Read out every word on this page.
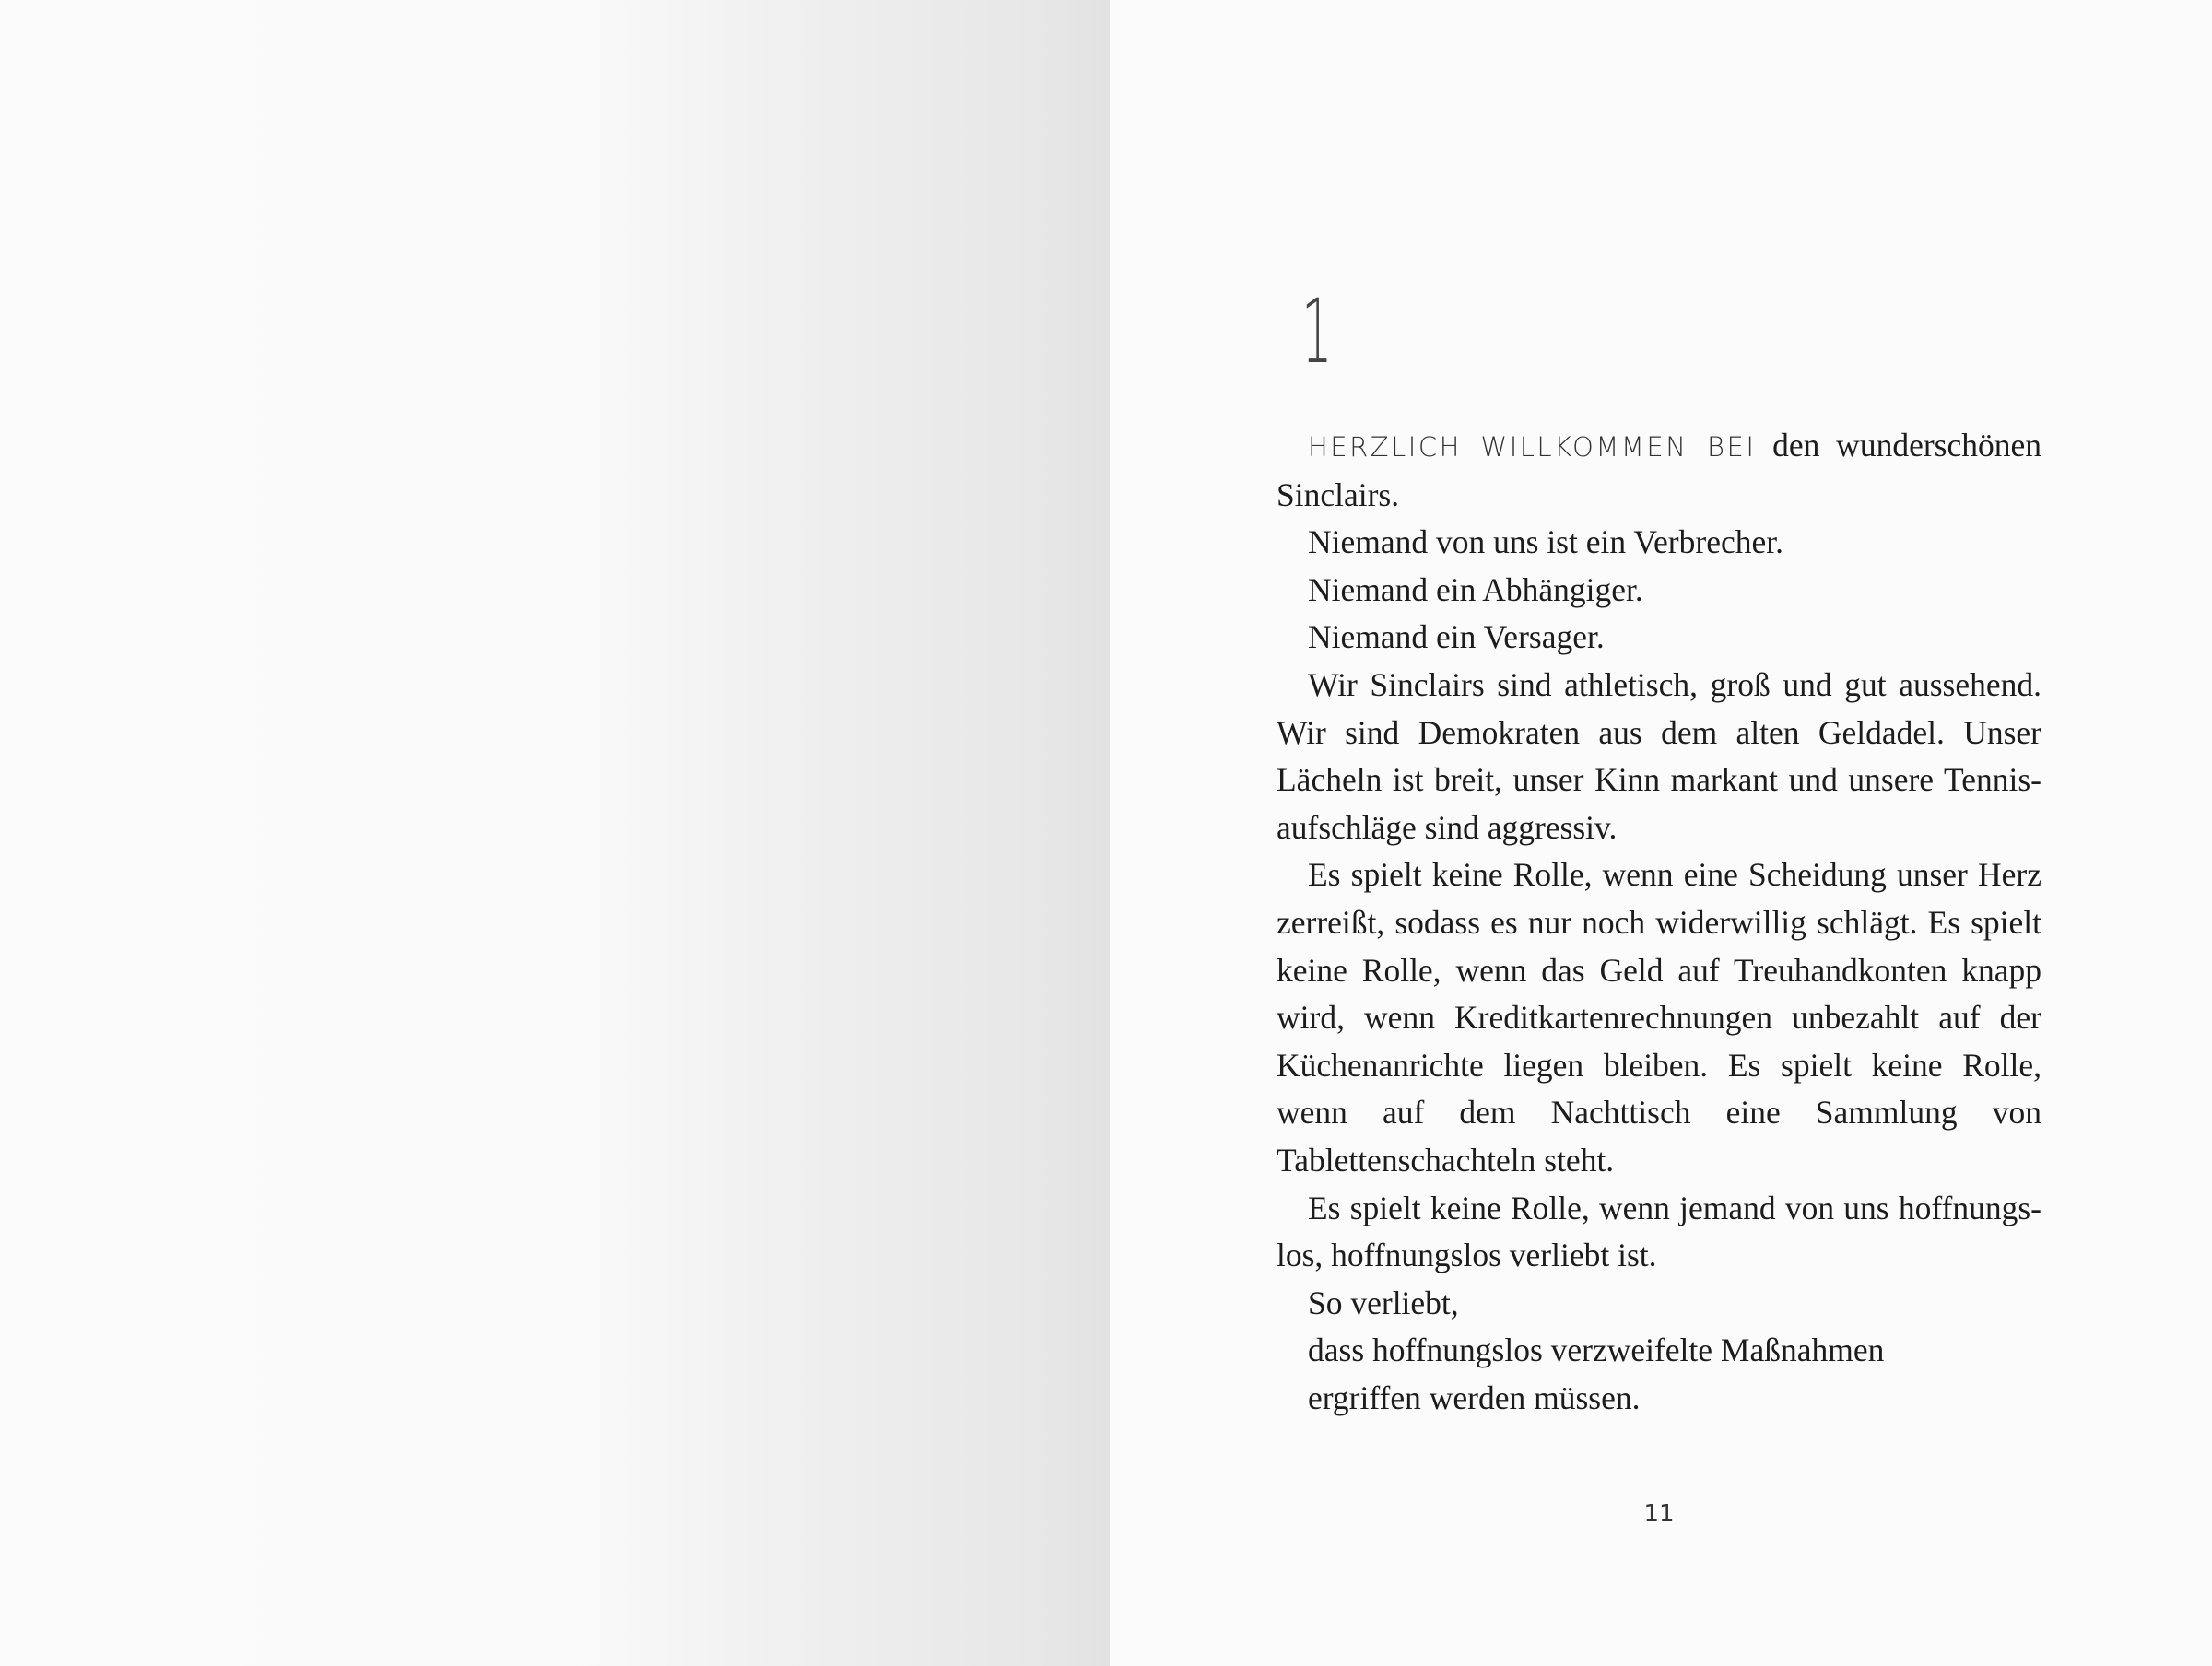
1

HERZLICH WILLKOMMEN BEI den wunderschönen Sinclairs.

Niemand von uns ist ein Verbrecher.

Niemand ein Abhängiger.

Niemand ein Versager.

Wir Sinclairs sind athletisch, groß und gut aussehend. Wir sind Demokraten aus dem alten Geldadel. Unser Lächeln ist breit, unser Kinn markant und unsere Tennisaufschläge sind aggressiv.

Es spielt keine Rolle, wenn eine Scheidung unser Herz zerreißt, sodass es nur noch widerwillig schlägt. Es spielt keine Rolle, wenn das Geld auf Treuhandkonten knapp wird, wenn Kreditkartenrechnungen unbezahlt auf der Küchenanrichte liegen bleiben. Es spielt keine Rolle, wenn auf dem Nachttisch eine Sammlung von Tablettenschachteln steht.

Es spielt keine Rolle, wenn jemand von uns hoffnungslos, hoffnungslos verliebt ist.

So verliebt,

dass hoffnungslos verzweifelte Maßnahmen

ergriffen werden müssen.

11
